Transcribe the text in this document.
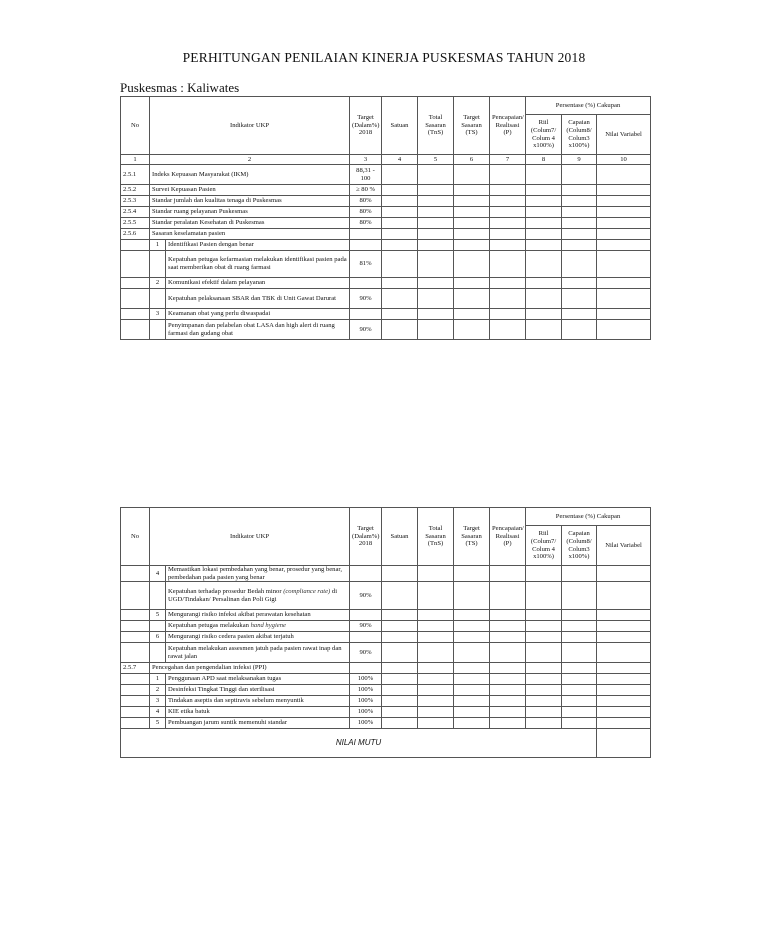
PERHITUNGAN PENILAIAN KINERJA PUSKESMAS TAHUN 2018
Puskesmas : Kaliwates
No	Indikator UKP		Target (Dalam%) 2018	Satuan	Total Sasaran (TnS)	Target Sasaran (TS)	Pencapaian/ Realisasi (P)	Persentase (%) Cakupan		
								Riil (Colum7/ Colum 4 x100%)	Capaian (Colum8/ Colum3 x100%)	Nilai Variabel
1	2		3	4	5	6	7	8	9	10
2.5.1	Indeks Kepuasan Masyarakat (IKM)		88,31 - 100							
2.5.2	Survei Kepuasan Pasien		≥ 80 %							
2.5.3	Standar jumlah dan kualitas tenaga di Puskesmas		80%							
2.5.4	Standar ruang pelayanan Puskesmas		80%							
2.5.5	Standar peralatan Kesehatan di Puskesmas		80%							
2.5.6	Sasaran keselamatan pasien									
	1	Identifikasi Pasien dengan benar								
		Kepatuhan petugas kefarmasian melakukan identifikasi pasien pada saat memberikan obat di ruang farmasi	81%							
	2	Komunikasi efektif dalam pelayanan								
		Kepatuhan pelaksanaan SBAR dan TBK di Unit Gawat Darurat	90%							
	3	Keamanan obat yang perlu diwaspadai								
		Penyimpanan dan pelabelan obat LASA dan high alert di ruang farmasi dan gudang obat	90%							
No	Indikator UKP		Target (Dalam%) 2018	Satuan	Total Sasaran (TnS)	Target Sasaran (TS)	Pencapaian/ Realisasi (P)	Persentase (%) Cakupan		
								Riil (Colum7/ Colum 4 x100%)	Capaian (Colum8/ Colum3 x100%)	Nilai Variabel
	4	Memastikan lokasi pembedahan yang benar, prosedur yang benar, pembedahan pada pasien yang benar								
		Kepatuhan terhadap prosedur Bedah minor (compliance rate) di UGD/Tindakan/ Persalinan dan Poli Gigi	90%							
	5	Mengurangi risiko infeksi akibat perawatan kesehatan								
		Kepatuhan petugas melakukan hand hygiene	90%							
	6	Mengurangi risiko cedera pasien akibat terjatuh								
		Kepatuhan melakukan assesmen jatuh pada pasien rawat inap dan rawat jalan	90%							
2.5.7	Pencegahan dan pengendalian infeksi (PPI)									
	1	Penggunaan APD saat melaksanakan tugas	100%							
	2	Desinfeksi Tingkat Tinggi dan sterilisasi	100%							
	3	Tindakan aseptis dan septiravis sebelum menyuntik	100%							
	4	KIE etika batuk	100%							
	5	Pembuangan jarum suntik memenuhi standar	100%							
NILAI MUTU										
